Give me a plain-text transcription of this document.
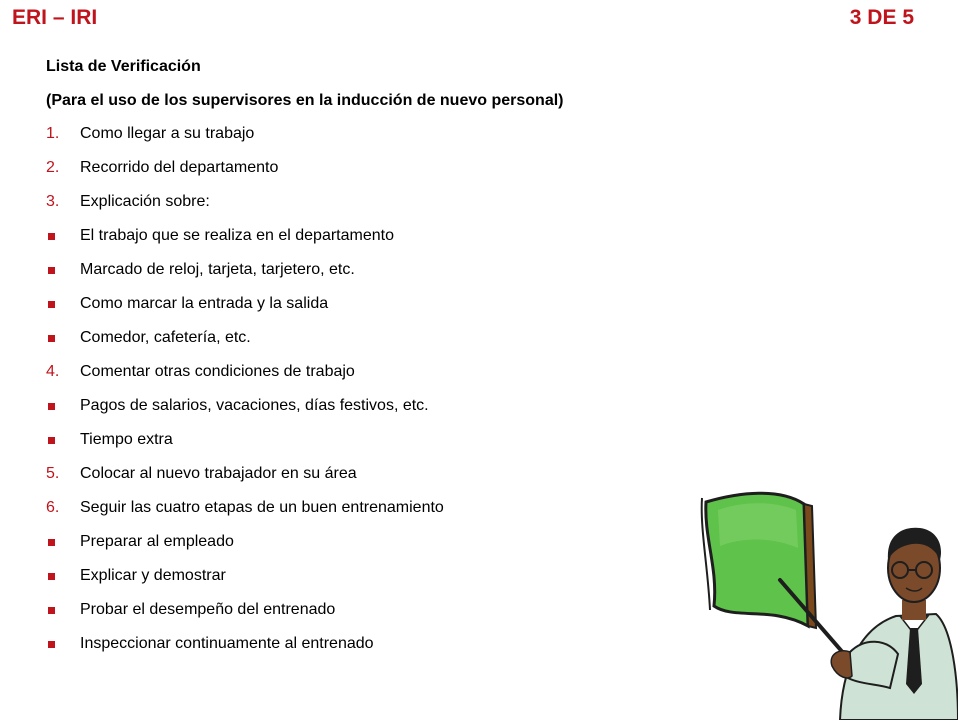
ERI – IRI	3 DE 5
Lista de Verificación
(Para el uso de los supervisores en la inducción de nuevo personal)
1.	Como llegar a su trabajo
2.	Recorrido del departamento
3.	Explicación sobre:
El trabajo que se realiza en el departamento
Marcado de reloj, tarjeta, tarjetero, etc.
Como marcar la entrada y la salida
Comedor, cafetería, etc.
4.	Comentar otras condiciones de trabajo
Pagos de salarios, vacaciones, días festivos, etc.
Tiempo extra
5.	Colocar al nuevo trabajador en su área
6.	Seguir las cuatro etapas de un buen entrenamiento
Preparar al empleado
Explicar y demostrar
Probar el desempeño del entrenado
Inspeccionar continuamente al entrenado
